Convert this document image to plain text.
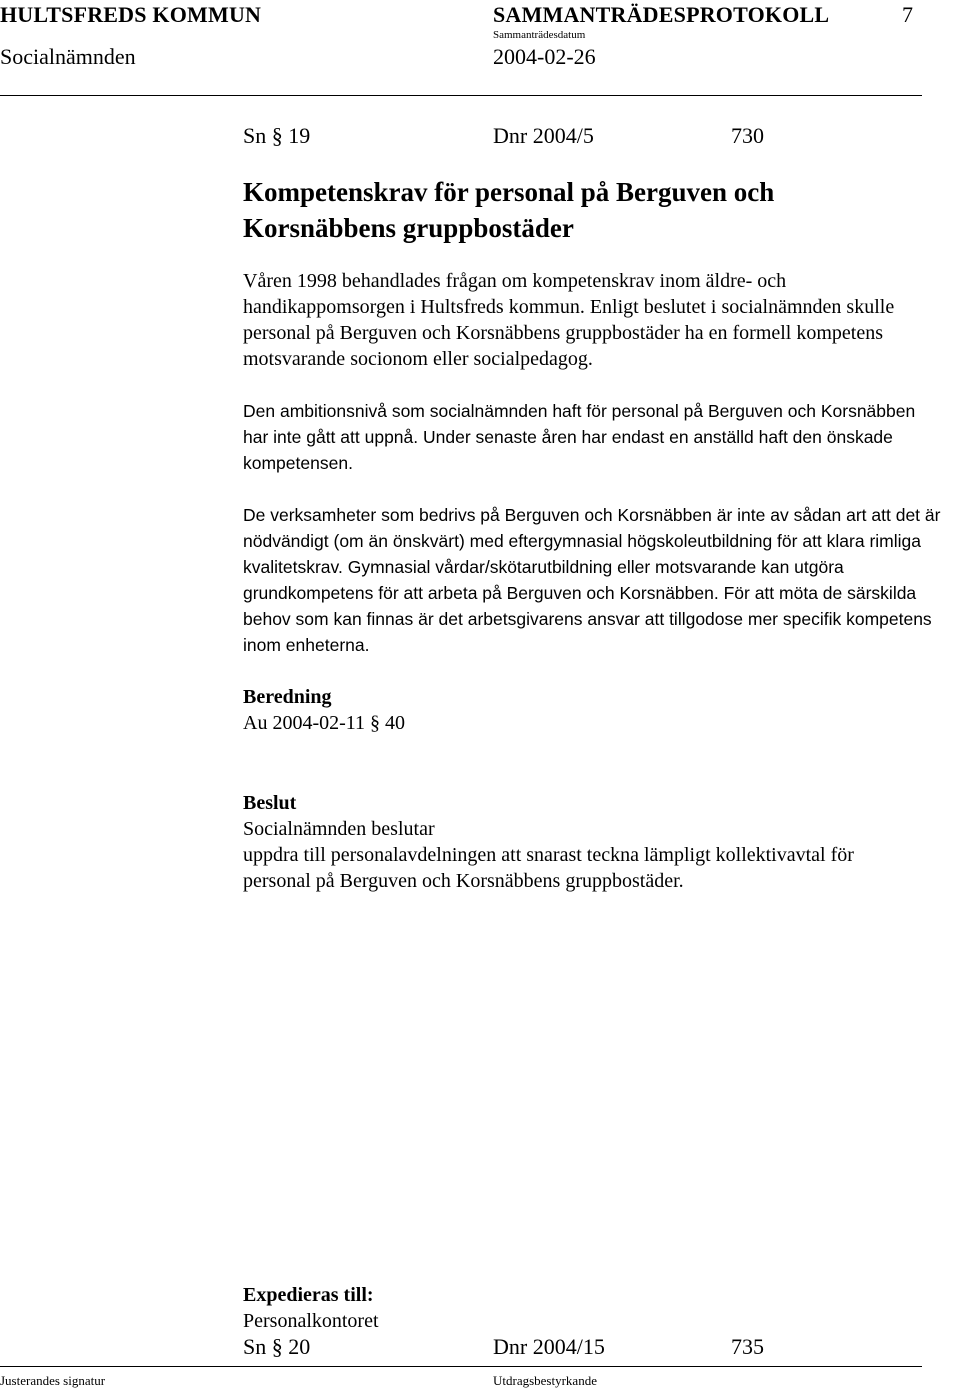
HULTSFREDS KOMMUN	SAMMANTRÄDESPROTOKOLL	7
Sammanträdesdatum
Socialnämnden	2004-02-26
Sn § 19	Dnr 2004/5	730
Kompetenskrav för personal på Berguven och Korsnäbbens gruppbostäder
Våren 1998 behandlades frågan om kompetenskrav inom äldre- och handikappomsorgen i Hultsfreds kommun. Enligt beslutet i socialnämnden skulle personal på Berguven och Korsnäbbens gruppbostäder ha en formell kompetens motsvarande socionom eller socialpedagog.
Den ambitionsnivå som socialnämnden haft för personal på Berguven och Korsnäbben har inte gått att uppnå. Under senaste åren har endast en anställd haft den önskade kompetensen.
De verksamheter som bedrivs på Berguven och Korsnäbben är inte av sådan art att det är nödvändigt (om än önskvärt) med eftergymnasial högskoleutbildning för att klara rimliga kvalitetskrav. Gymnasial vårdar/skötarutbildning eller motsvarande kan utgöra grundkompetens för att arbeta på Berguven och Korsnäbben. För att möta de särskilda behov som kan finnas är det arbetsgivarens ansvar att tillgodose mer specifik kompetens inom enheterna.
Beredning
Au 2004-02-11 § 40
Beslut
Socialnämnden beslutar
uppdra till personalavdelningen att snarast teckna lämpligt kollektivavtal för personal på Berguven och Korsnäbbens gruppbostäder.
Expedieras till:
Personalkontoret
Sn § 20	Dnr 2004/15	735
Justerandes signatur	Utdragsbestyrkande
